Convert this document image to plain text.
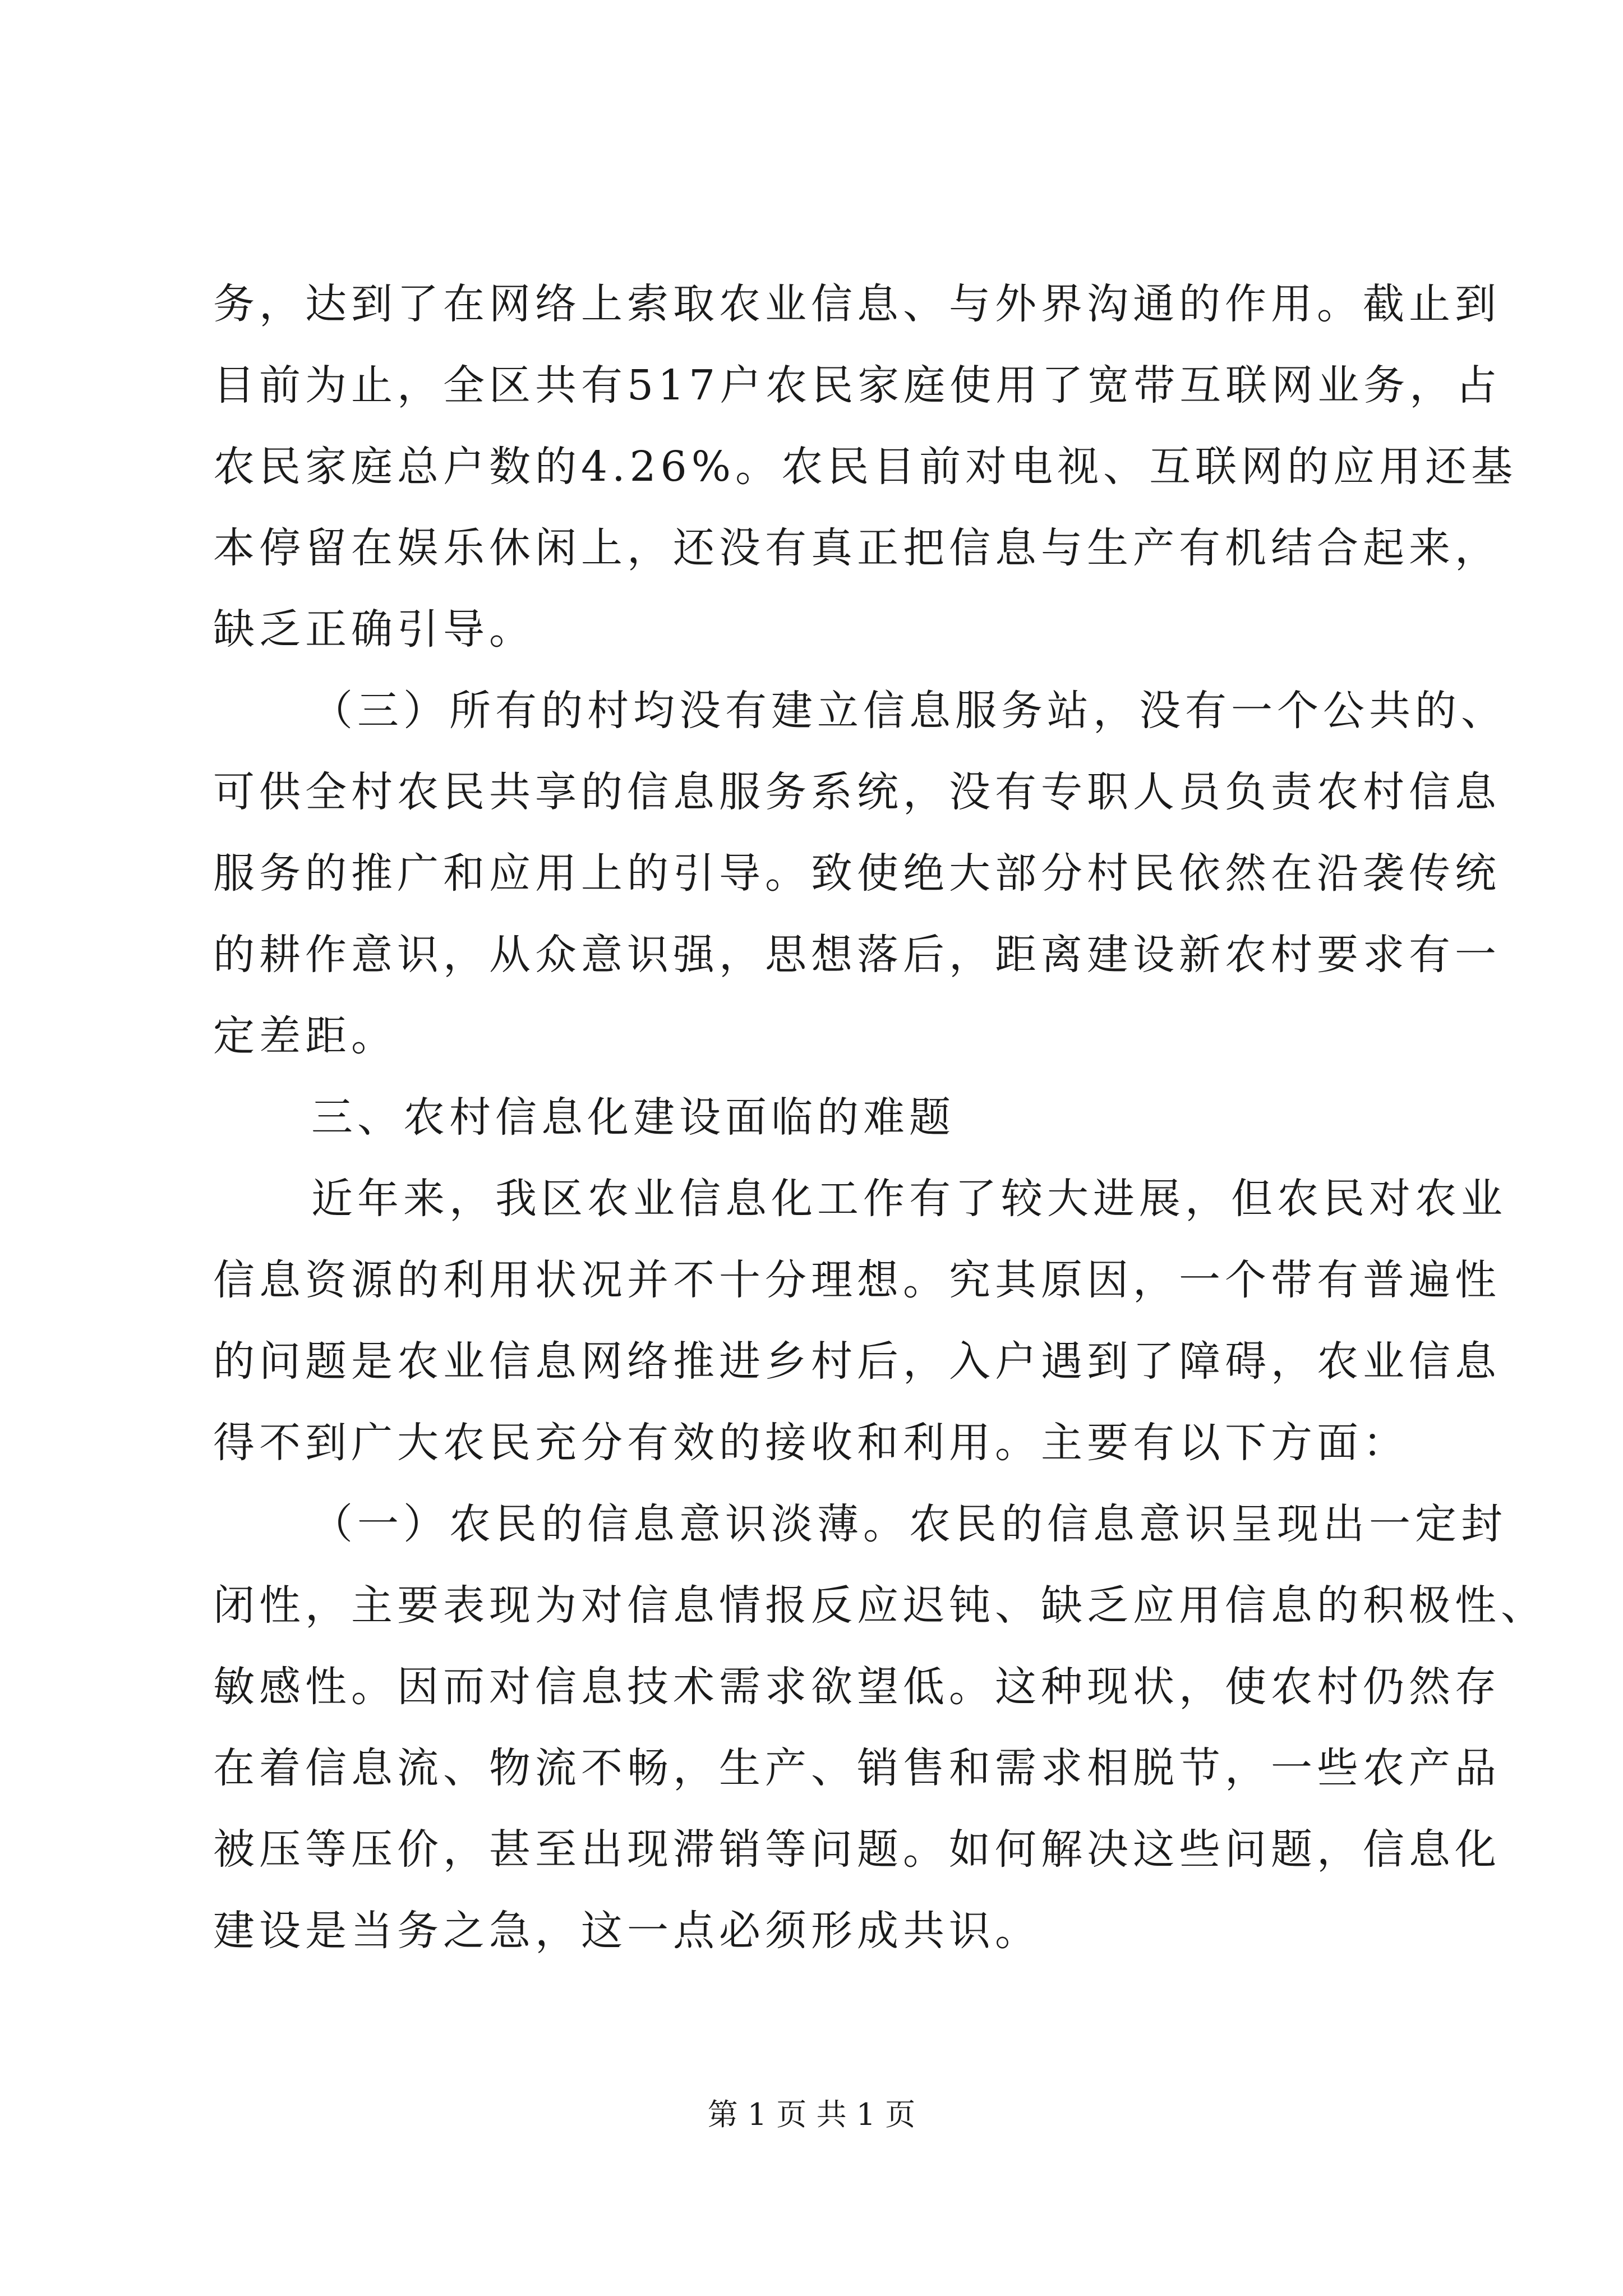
务，达到了在网络上索取农业信息、与外界沟通的作用。截止到
目前为止，全区共有517户农民家庭使用了宽带互联网业务，占
农民家庭总户数的4.26%。农民目前对电视、互联网的应用还基
本停留在娱乐休闲上，还没有真正把信息与生产有机结合起来，
缺乏正确引导。
（三）所有的村均没有建立信息服务站，没有一个公共的、
可供全村农民共享的信息服务系统，没有专职人员负责农村信息
服务的推广和应用上的引导。致使绝大部分村民依然在沿袭传统
的耕作意识，从众意识强，思想落后，距离建设新农村要求有一
定差距。
三、农村信息化建设面临的难题
近年来，我区农业信息化工作有了较大进展，但农民对农业
信息资源的利用状况并不十分理想。究其原因，一个带有普遍性
的问题是农业信息网络推进乡村后，入户遇到了障碍，农业信息
得不到广大农民充分有效的接收和利用。主要有以下方面：
（一）农民的信息意识淡薄。农民的信息意识呈现出一定封
闭性，主要表现为对信息情报反应迟钝、缺乏应用信息的积极性、
敏感性。因而对信息技术需求欲望低。这种现状，使农村仍然存
在着信息流、物流不畅，生产、销售和需求相脱节，一些农产品
被压等压价，甚至出现滞销等问题。如何解决这些问题，信息化
建设是当务之急，这一点必须形成共识。
第 1 页 共 1 页
